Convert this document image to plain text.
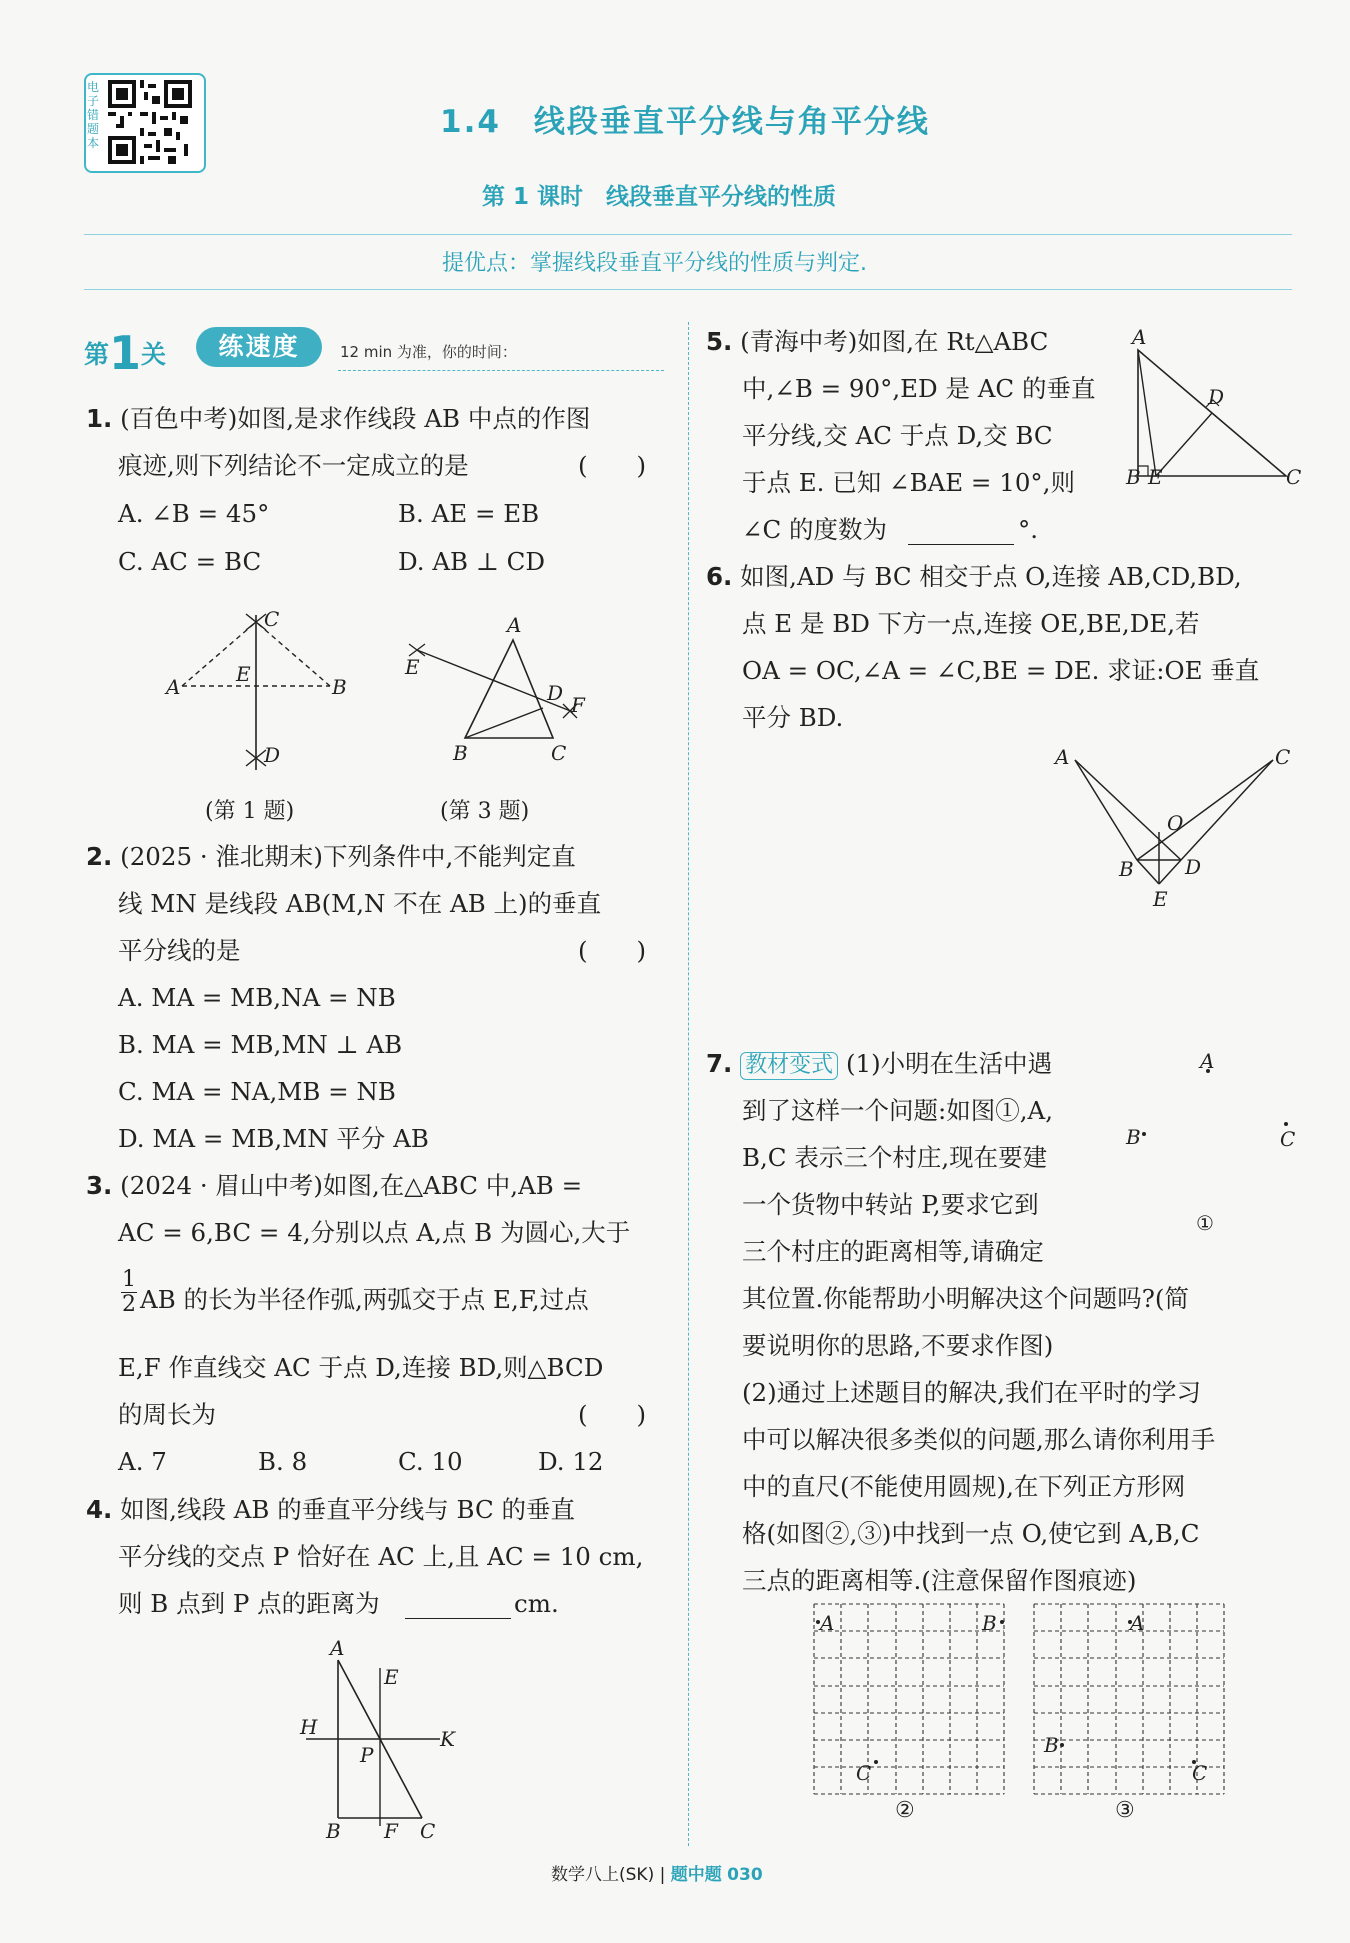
电子错题本
1.4　线段垂直平分线与角平分线
第 1 课时　线段垂直平分线的性质
提优点：掌握线段垂直平分线的性质与判定.
第1关	练速度	12 min 为准，你的时间：
1. (百色中考)如图,是求作线段 AB 中点的作图
痕迹,则下列结论不一定成立的是	(　　)
A. ∠B = 45°	B. AE = EB
C. AC = BC	D. AB ⊥ CD
A	B
C
D
E
(第 1 题)
A
B	C
D
E
F
(第 3 题)
2. (2025 · 淮北期末)下列条件中,不能判定直
线 MN 是线段 AB(M,N 不在 AB 上)的垂直
平分线的是	(　　)
A. MA = MB,NA = NB
B. MA = MB,MN ⊥ AB
C. MA = NA,MB = NB
D. MA = MB,MN 平分 AB
3. (2024 · 眉山中考)如图,在△ABC 中,AB =
AC = 6,BC = 4,分别以点 A,点 B 为圆心,大于
$\frac{1}{2}$ AB 的长为半径作弧,两弧交于点 E,F,过点
E,F 作直线交 AC 于点 D,连接 BD,则△BCD
的周长为	(　　)
A. 7	B. 8	C. 10	D. 12
4. 如图,线段 AB 的垂直平分线与 BC 的垂直
平分线的交点 P 恰好在 AC 上,且 AC = 10 cm,
则 B 点到 P 点的距离为	cm.
A
B	C
E
F
H	K
P
5. (青海中考)如图,在 Rt△ABC
中,∠B = 90°,ED 是 AC 的垂直
平分线,交 AC 于点 D,交 BC
于点 E. 已知 ∠BAE = 10°,则
∠C 的度数为	°.
A
B	C
D
E
6. 如图,AD 与 BC 相交于点 O,连接 AB,CD,BD,
点 E 是 BD 下方一点,连接 OE,BE,DE,若
OA = OC,∠A = ∠C,BE = DE. 求证:OE 垂直
平分 BD.
A	C
O
B	D
E
7. 教材变式 (1)小明在生活中遇
到了这样一个问题:如图①,A,
B,C 表示三个村庄,现在要建
一个货物中转站 P,要求它到
三个村庄的距离相等,请确定
其位置.你能帮助小明解决这个问题吗?(简
要说明你的思路,不要求作图)
(2)通过上述题目的解决,我们在平时的学习
中可以解决很多类似的问题,那么请你利用手
中的直尺(不能使用圆规),在下列正方形网
格(如图②,③)中找到一点 O,使它到 A,B,C
三点的距离相等.(注意保留作图痕迹)
A
B	C
①
A	B
C
②
A
B
C
③
数学八上(SK) | 题中题 030
